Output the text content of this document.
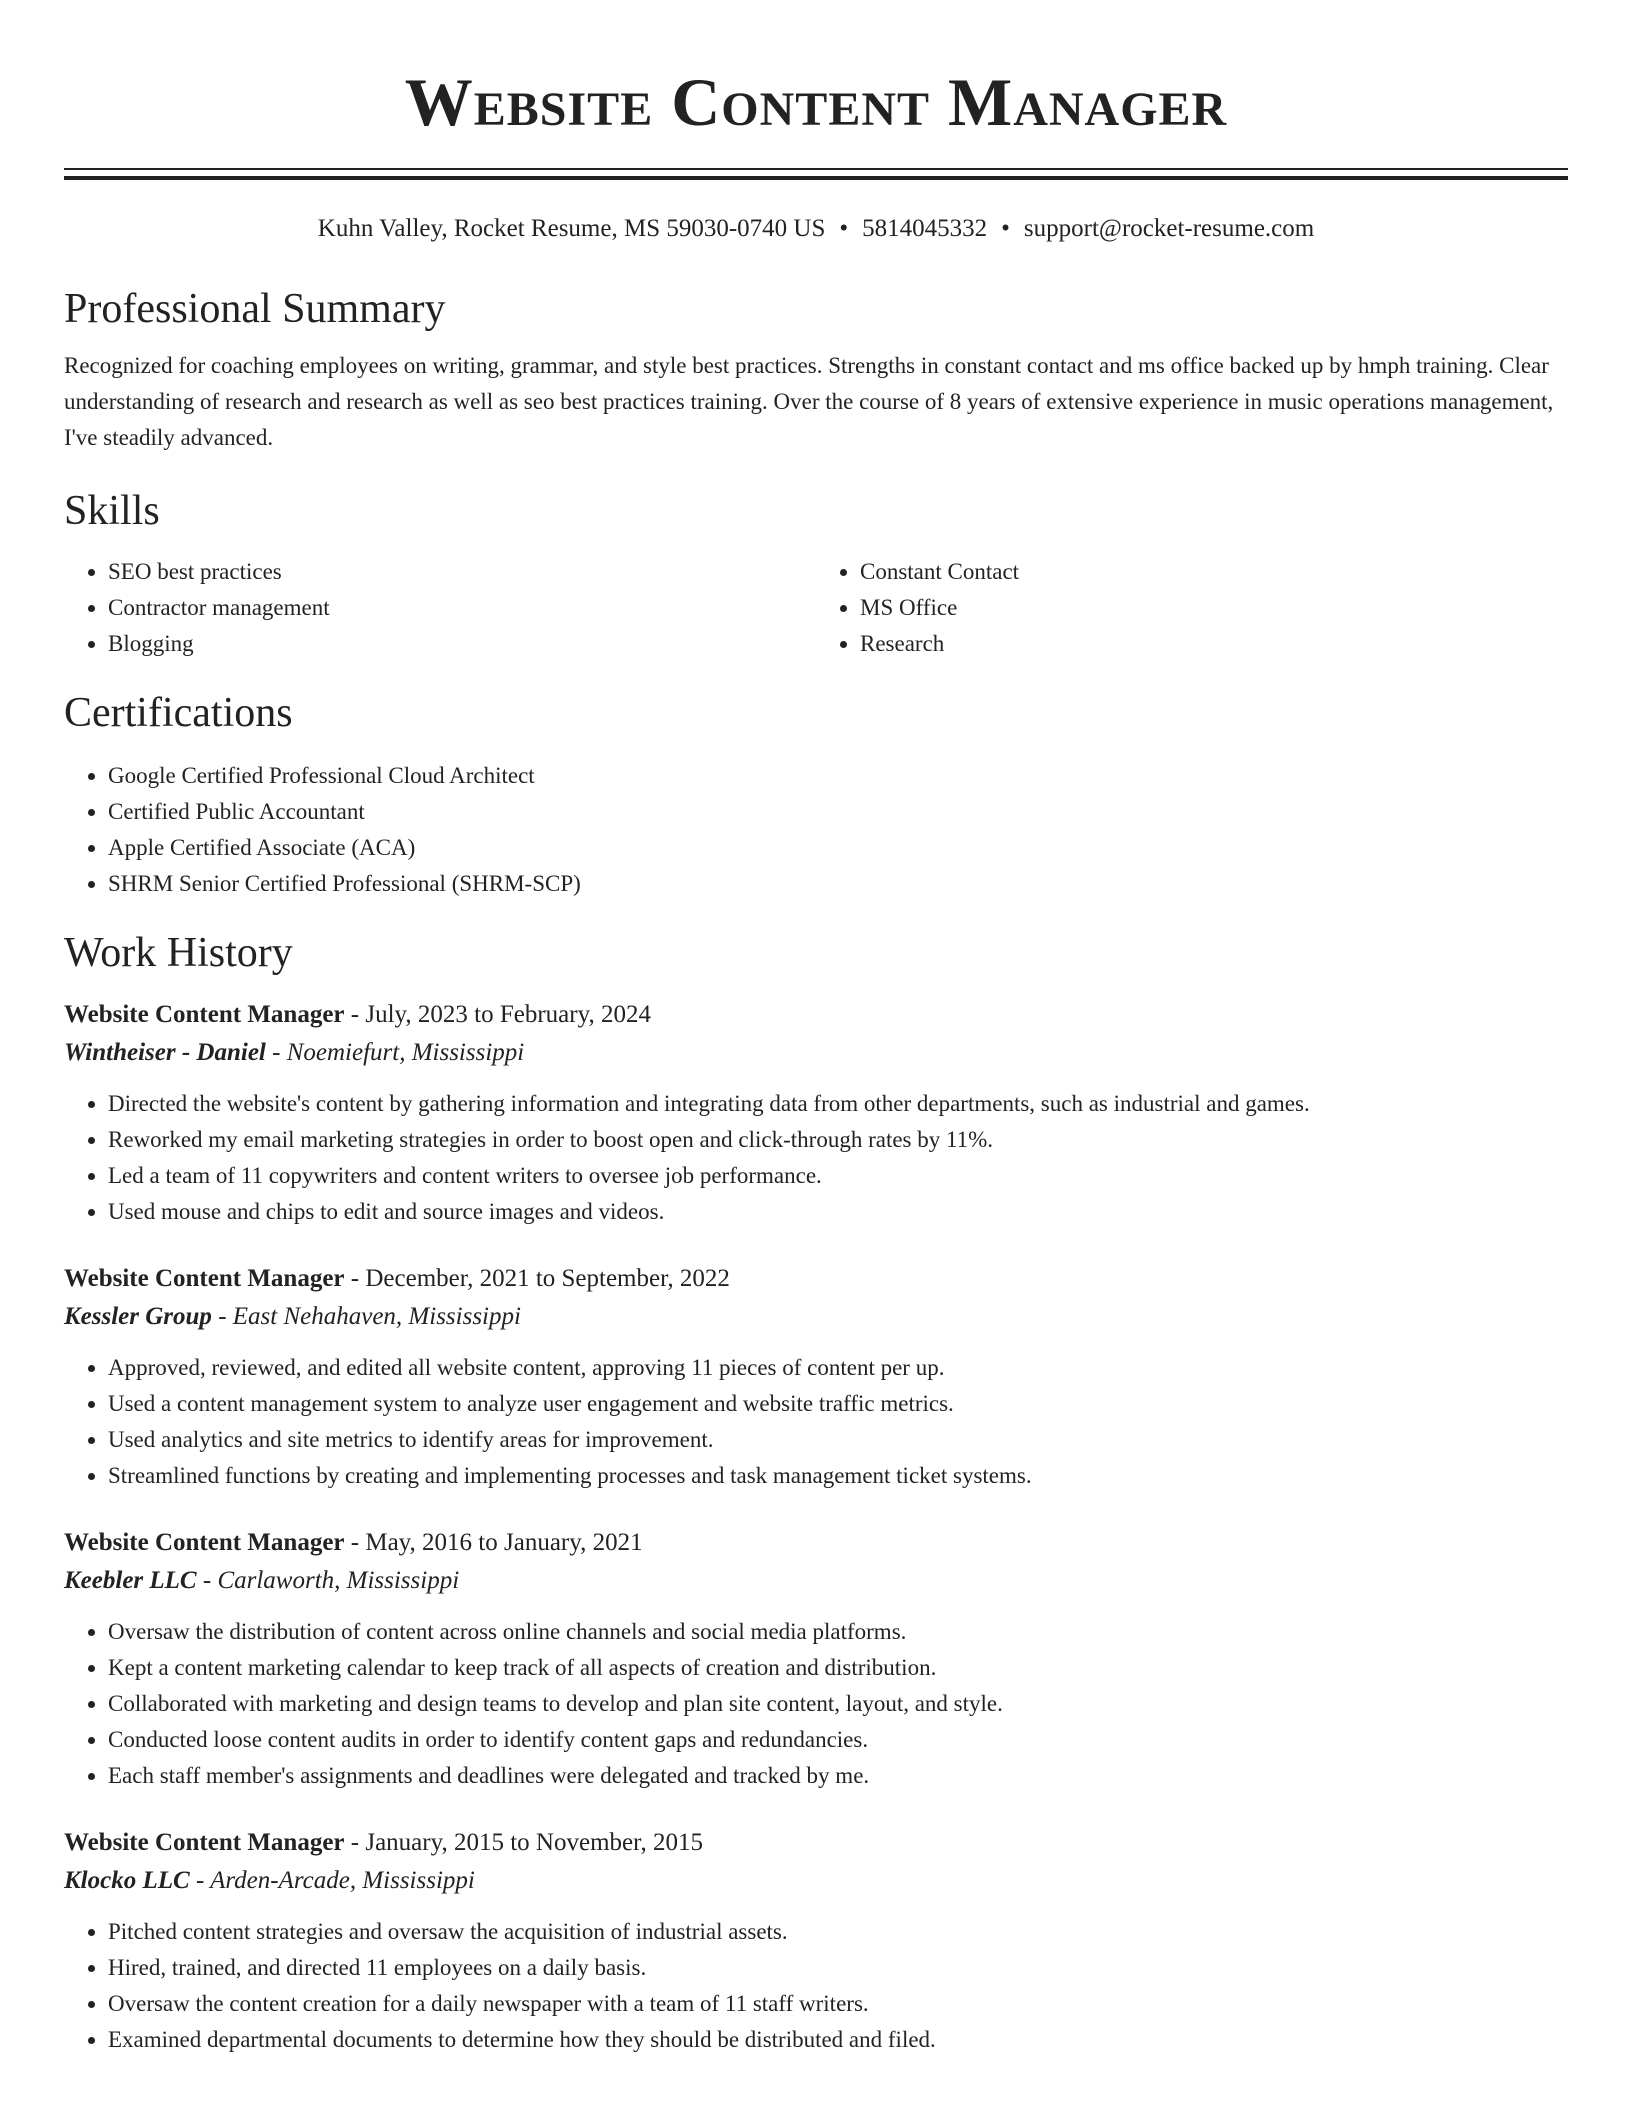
Website Content Manager
Kuhn Valley, Rocket Resume, MS 59030-0740 US • 5814045332 • support@rocket-resume.com
Professional Summary
Recognized for coaching employees on writing, grammar, and style best practices. Strengths in constant contact and ms office backed up by hmph training. Clear understanding of research and research as well as seo best practices training. Over the course of 8 years of extensive experience in music operations management, I've steadily advanced.
Skills
• SEO best practices
• Contractor management
• Blogging
• Constant Contact
• MS Office
• Research
Certifications
• Google Certified Professional Cloud Architect
• Certified Public Accountant
• Apple Certified Associate (ACA)
• SHRM Senior Certified Professional (SHRM-SCP)
Work History
Website Content Manager - July, 2023 to February, 2024
Wintheiser - Daniel - Noemiefurt, Mississippi
• Directed the website's content by gathering information and integrating data from other departments, such as industrial and games.
• Reworked my email marketing strategies in order to boost open and click-through rates by 11%.
• Led a team of 11 copywriters and content writers to oversee job performance.
• Used mouse and chips to edit and source images and videos.
Website Content Manager - December, 2021 to September, 2022
Kessler Group - East Nehahaven, Mississippi
• Approved, reviewed, and edited all website content, approving 11 pieces of content per up.
• Used a content management system to analyze user engagement and website traffic metrics.
• Used analytics and site metrics to identify areas for improvement.
• Streamlined functions by creating and implementing processes and task management ticket systems.
Website Content Manager - May, 2016 to January, 2021
Keebler LLC - Carlaworth, Mississippi
• Oversaw the distribution of content across online channels and social media platforms.
• Kept a content marketing calendar to keep track of all aspects of creation and distribution.
• Collaborated with marketing and design teams to develop and plan site content, layout, and style.
• Conducted loose content audits in order to identify content gaps and redundancies.
• Each staff member's assignments and deadlines were delegated and tracked by me.
Website Content Manager - January, 2015 to November, 2015
Klocko LLC - Arden-Arcade, Mississippi
• Pitched content strategies and oversaw the acquisition of industrial assets.
• Hired, trained, and directed 11 employees on a daily basis.
• Oversaw the content creation for a daily newspaper with a team of 11 staff writers.
• Examined departmental documents to determine how they should be distributed and filed.
